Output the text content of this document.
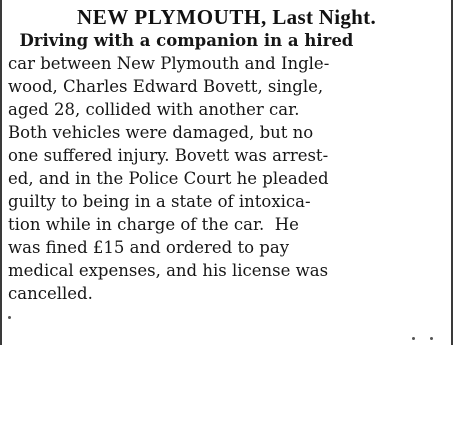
NEW PLYMOUTH, Last Night.

Driving with a companion in a hired

car between New Plymouth and Ingle-

wood, Charles Edward Bovett, single,

aged 28, collided with another car.

Both vehicles were damaged, but no

one suffered injury. Bovett was arrest-

ed, and in the Police Court he pleaded

guilty to being in a state of intoxica-

tion while in charge of the car.  He

was fined £15 and ordered to pay

medical expenses, and his license was

cancelled.
